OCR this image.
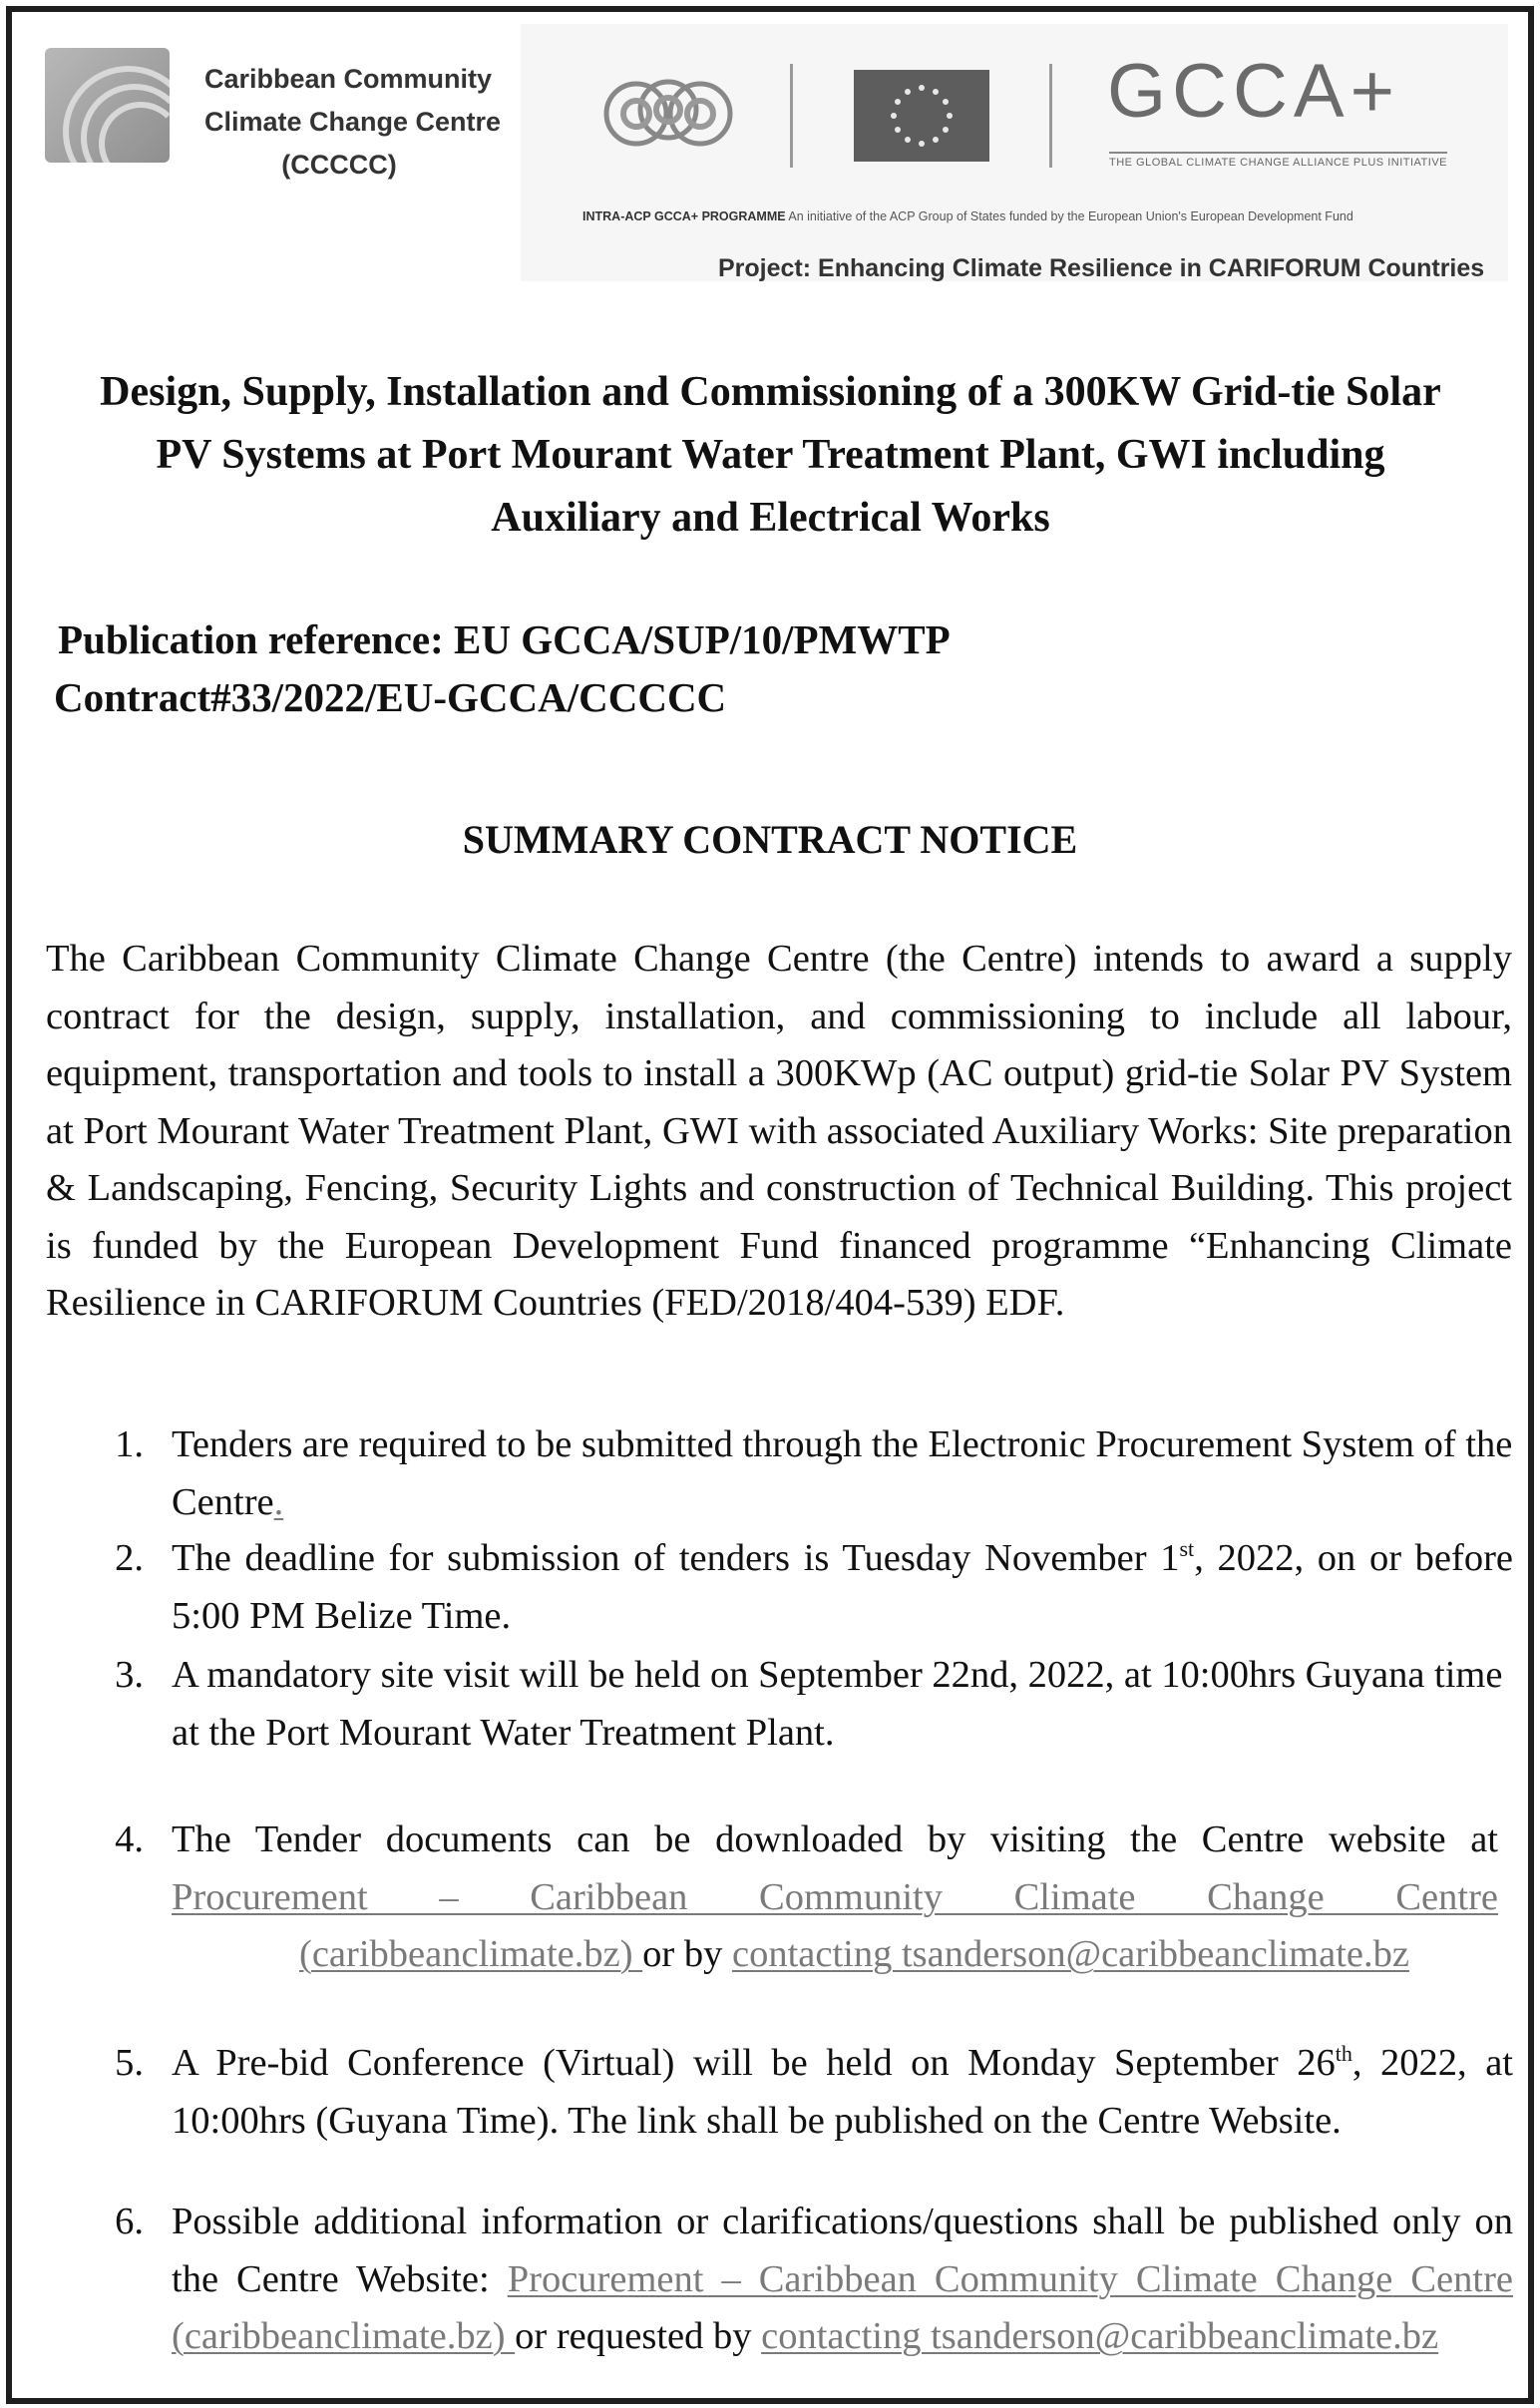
Caribbean Community
Climate Change Centre
(CCCCC)
GCCA+
THE GLOBAL CLIMATE CHANGE ALLIANCE PLUS INITIATIVE
INTRA-ACP GCCA+ PROGRAMME An initiative of the ACP Group of States funded by the European Union's European Development Fund
Project: Enhancing Climate Resilience in CARIFORUM Countries
Design, Supply, Installation and Commissioning of a 300KW Grid-tie Solar
PV Systems at Port Mourant Water Treatment Plant, GWI including
Auxiliary and Electrical Works
Publication reference: EU GCCA/SUP/10/PMWTP
Contract#33/2022/EU-GCCA/CCCCC
SUMMARY CONTRACT NOTICE
The Caribbean Community Climate Change Centre (the Centre) intends to award a supply
contract for the design, supply, installation, and commissioning to include all labour,
equipment, transportation and tools to install a 300KWp (AC output) grid-tie Solar PV System
at Port Mourant Water Treatment Plant, GWI with associated Auxiliary Works: Site preparation
& Landscaping, Fencing, Security Lights and construction of Technical Building. This project
is funded by the European Development Fund financed programme “Enhancing Climate
Resilience in CARIFORUM Countries (FED/2018/404-539) EDF.
1. Tenders are required to be submitted through the Electronic Procurement System of the
Centre.
2. The deadline for submission of tenders is Tuesday November 1st, 2022, on or before
5:00 PM Belize Time.
3. A mandatory site visit will be held on September 22nd, 2022, at 10:00hrs Guyana time
at the Port Mourant Water Treatment Plant.
4. The Tender documents can be downloaded by visiting the Centre website at
Procurement – Caribbean Community Climate Change Centre
(caribbeanclimate.bz) or by contacting tsanderson@caribbeanclimate.bz
5. A Pre-bid Conference (Virtual) will be held on Monday September 26th, 2022, at
10:00hrs (Guyana Time). The link shall be published on the Centre Website.
6. Possible additional information or clarifications/questions shall be published only on
the Centre Website: Procurement – Caribbean Community Climate Change Centre
(caribbeanclimate.bz) or requested by contacting tsanderson@caribbeanclimate.bz
